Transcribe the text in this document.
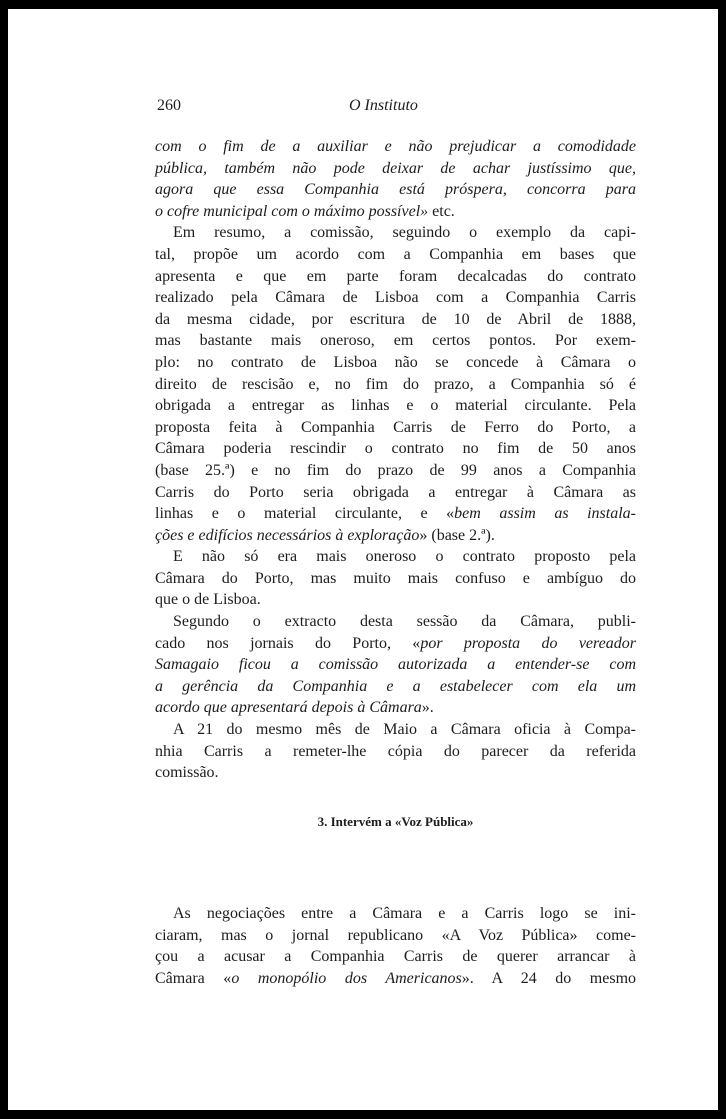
260	O Instituto

com o fim de a auxiliar e não prejudicar a comodidade

pública, também não pode deixar de achar justíssimo que,

agora que essa Companhia está próspera, concorra para

o cofre municipal com o máximo possível» etc.

Em resumo, a comissão, seguindo o exemplo da capi-

tal, propõe um acordo com a Companhia em bases que

apresenta e que em parte foram decalcadas do contrato

realizado pela Câmara de Lisboa com a Companhia Carris

da mesma cidade, por escritura de 10 de Abril de 1888,

mas bastante mais oneroso, em certos pontos. Por exem-

plo: no contrato de Lisboa não se concede à Câmara o

direito de rescisão e, no fim do prazo, a Companhia só é

obrigada a entregar as linhas e o material circulante. Pela

proposta feita à Companhia Carris de Ferro do Porto, a

Câmara poderia rescindir o contrato no fim de 50 anos

(base 25.ª) e no fim do prazo de 99 anos a Companhia

Carris do Porto seria obrigada a entregar à Câmara as

linhas e o material circulante, e «bem assim as instala-

ções e edifícios necessários à exploração» (base 2.ª).

E não só era mais oneroso o contrato proposto pela

Câmara do Porto, mas muito mais confuso e ambíguo do

que o de Lisboa.

Segundo o extracto desta sessão da Câmara, publi-

cado nos jornais do Porto, «por proposta do vereador

Samagaio ficou a comissão autorizada a entender-se com

a gerência da Companhia e a estabelecer com ela um

acordo que apresentará depois à Câmara».

A 21 do mesmo mês de Maio a Câmara oficia à Compa-

nhia Carris a remeter-lhe cópia do parecer da referida

comissão.

3. Intervém a «Voz Pública»

As negociações entre a Câmara e a Carris logo se ini-

ciaram, mas o jornal republicano «A Voz Pública» come-

çou a acusar a Companhia Carris de querer arrancar à

Câmara «o monopólio dos Americanos». A 24 do mesmo
